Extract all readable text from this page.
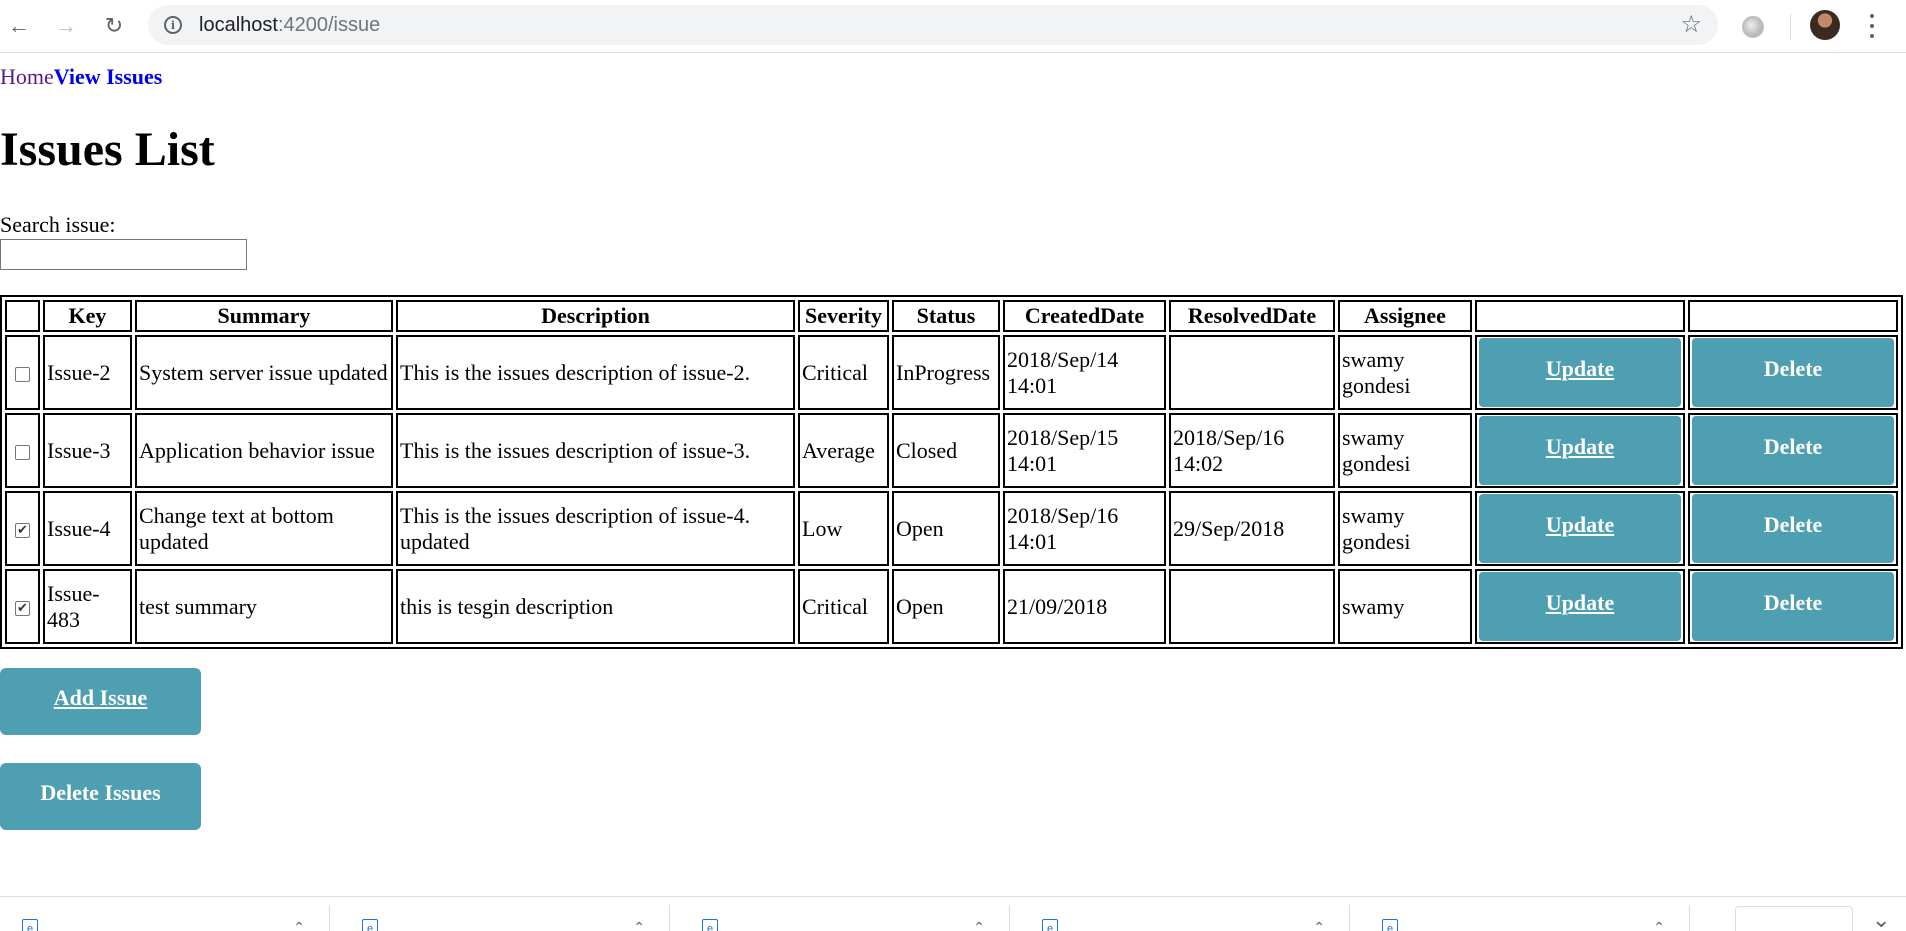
← →	↻	i	localhost:4200/issue	☆
HomeView Issues
Issues List
Search issue:
	Key	Summary	Description	Severity	Status	CreatedDate	ResolvedDate	Assignee		
	Issue-2	System server issue updated	This is the issues description of issue-2.	Critical	InProgress	2018/Sep/14 14:01		swamy gondesi	Update	Delete

	Issue-3	Application behavior issue	This is the issues description of issue-3.	Average	Closed	2018/Sep/15 14:01	2018/Sep/16 14:02	swamy gondesi	Update	Delete

✔	Issue-4	Change text at bottom updated	This is the issues description of issue-4. updated	Low	Open	2018/Sep/16 14:01	29/Sep/2018	swamy gondesi	Update	Delete

✔	Issue-483	test summary	this is tesgin description	Critical	Open	21/09/2018		swamy	Update	Delete
Add Issue
Delete Issues
e	⌃	e	⌃	e	⌃	e	⌃	e	⌃	⌄
